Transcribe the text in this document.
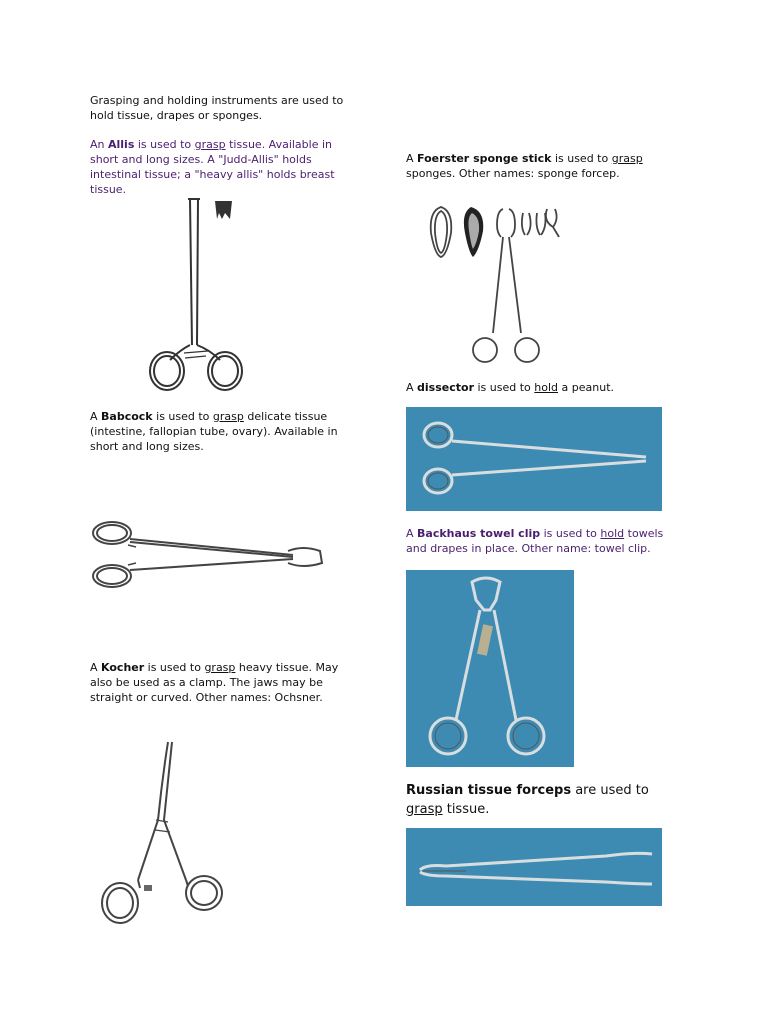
Grasping and holding instruments are used to hold tissue, drapes or sponges.
An Allis is used to grasp tissue. Available in short and long sizes. A "Judd-Allis" holds intestinal tissue; a "heavy allis" holds breast tissue.
A Babcock is used to grasp delicate tissue (intestine, fallopian tube, ovary). Available in short and long sizes.
A Kocher is used to grasp heavy tissue. May also be used as a clamp. The jaws may be straight or curved. Other names: Ochsner.
A Foerster sponge stick is used to grasp sponges. Other names: sponge forcep.
A dissector is used to hold a peanut.
A Backhaus towel clip is used to hold towels and drapes in place. Other name: towel clip.
Russian tissue forceps are used to grasp tissue.
